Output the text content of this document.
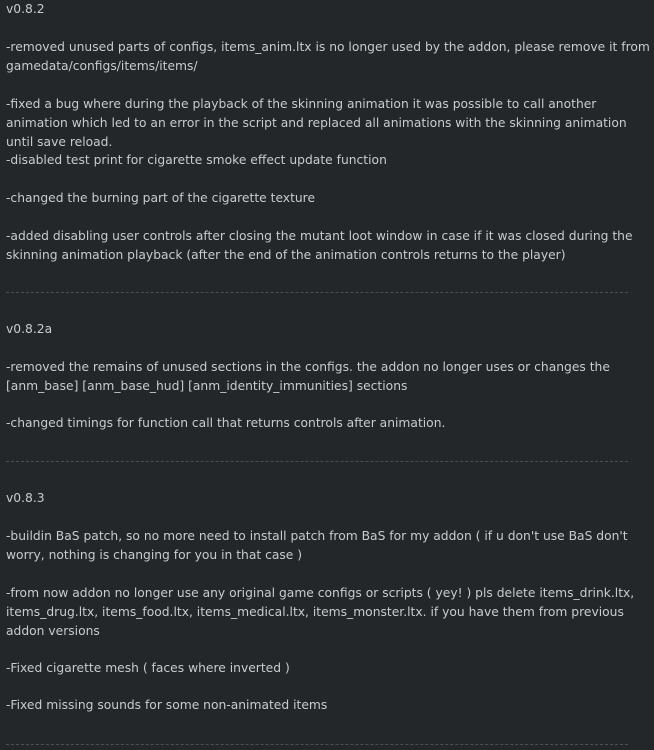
v0.8.2

-removed unused parts of configs, items_anim.ltx is no longer used by the addon, please remove it from gamedata/configs/items/items/

-fixed a bug where during the playback of the skinning animation it was possible to call another animation which led to an error in the script and replaced all animations with the skinning animation until save reload.

-disabled test print for cigarette smoke effect update function

-changed the burning part of the cigarette texture

-added disabling user controls after closing the mutant loot window in case if it was closed during the skinning animation playback (after the end of the animation controls returns to the player)

v0.8.2a

-removed the remains of unused sections in the configs. the addon no longer uses or changes the [anm_base] [anm_base_hud] [anm_identity_immunities] sections

-changed timings for function call that returns controls after animation.

v0.8.3

-buildin BaS patch, so no more need to install patch from BaS for my addon ( if u don't use BaS don't worry, nothing is changing for you in that case )

-from now addon no longer use any original game configs or scripts ( yey! ) pls delete items_drink.ltx, items_drug.ltx, items_food.ltx, items_medical.ltx, items_monster.ltx. if you have them from previous addon versions

-Fixed cigarette mesh ( faces where inverted )

-Fixed missing sounds for some non-animated items
